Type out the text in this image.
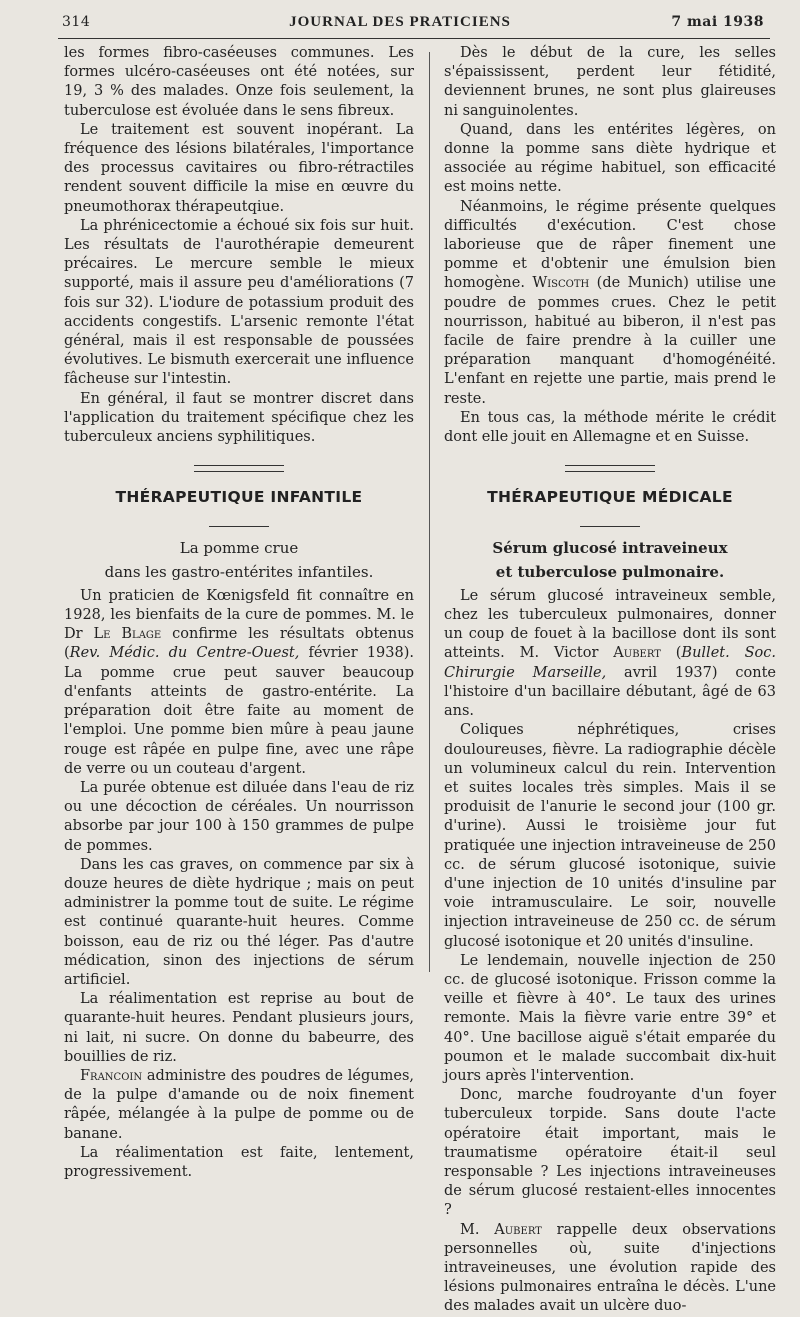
314	JOURNAL DES PRATICIENS	7 mai 1938

les formes fibro-caséeuses communes. Les formes ulcéro-caséeuses ont été notées, sur 19, 3 % des malades. Onze fois seulement, la tuberculose est évoluée dans le sens fibreux.

Le traitement est souvent inopérant. La fréquence des lésions bilatérales, l'importance des processus cavitaires ou fibro-rétractiles rendent souvent difficile la mise en œuvre du pneumothorax thérapeutqiue.

La phrénicectomie a échoué six fois sur huit. Les résultats de l'aurothérapie demeurent précaires. Le mercure semble le mieux supporté, mais il assure peu d'améliorations (7 fois sur 32). L'iodure de potassium produit des accidents congestifs. L'arsenic remonte l'état général, mais il est responsable de poussées évolutives. Le bismuth exercerait une influence fâcheuse sur l'intestin.

En général, il faut se montrer discret dans l'application du traitement spécifique chez les tuberculeux anciens syphilitiques.

THÉRAPEUTIQUE INFANTILE
La pomme crue
dans les gastro-entérites infantiles.

Un praticien de Kœnigsfeld fit connaître en 1928, les bienfaits de la cure de pommes. M. le Dr Le Blage confirme les résultats obtenus (Rev. Médic. du Centre-Ouest, février 1938). La pomme crue peut sauver beaucoup d'enfants atteints de gastro-entérite. La préparation doit être faite au moment de l'emploi. Une pomme bien mûre à peau jaune rouge est râpée en pulpe fine, avec une râpe de verre ou un couteau d'argent.

La purée obtenue est diluée dans l'eau de riz ou une décoction de céréales. Un nourrisson absorbe par jour 100 à 150 grammes de pulpe de pommes.

Dans les cas graves, on commence par six à douze heures de diète hydrique ; mais on peut administrer la pomme tout de suite. Le régime est continué quarante-huit heures. Comme boisson, eau de riz ou thé léger. Pas d'autre médication, sinon des injections de sérum artificiel.

La réalimentation est reprise au bout de quarante-huit heures. Pendant plusieurs jours, ni lait, ni sucre. On donne du babeurre, des bouillies de riz.

Francoin administre des poudres de légumes, de la pulpe d'amande ou de noix finement râpée, mélangée à la pulpe de pomme ou de banane.

La réalimentation est faite, lentement, progressivement.

Dès le début de la cure, les selles s'épaississent, perdent leur fétidité, deviennent brunes, ne sont plus glaireuses ni sanguinolentes.

Quand, dans les entérites légères, on donne la pomme sans diète hydrique et associée au régime habituel, son efficacité est moins nette.

Néanmoins, le régime présente quelques difficultés d'exécution. C'est chose laborieuse que de râper finement une pomme et d'obtenir une émulsion bien homogène. Wiscoth (de Munich) utilise une poudre de pommes crues. Chez le petit nourrisson, habitué au biberon, il n'est pas facile de faire prendre à la cuiller une préparation manquant d'homogénéité. L'enfant en rejette une partie, mais prend le reste.

En tous cas, la méthode mérite le crédit dont elle jouit en Allemagne et en Suisse.

THÉRAPEUTIQUE MÉDICALE
Sérum glucosé intraveineux
et tuberculose pulmonaire.

Le sérum glucosé intraveineux semble, chez les tuberculeux pulmonaires, donner un coup de fouet à la bacillose dont ils sont atteints. M. Victor Aubert (Bullet. Soc. Chirurgie Marseille, avril 1937) conte l'histoire d'un bacillaire débutant, âgé de 63 ans.

Coliques néphrétiques, crises douloureuses, fièvre. La radiographie décèle un volumineux calcul du rein. Intervention et suites locales très simples. Mais il se produisit de l'anurie le second jour (100 gr. d'urine). Aussi le troisième jour fut pratiquée une injection intraveineuse de 250 cc. de sérum glucosé isotonique, suivie d'une injection de 10 unités d'insuline par voie intramusculaire. Le soir, nouvelle injection intraveineuse de 250 cc. de sérum glucosé isotonique et 20 unités d'insuline.

Le lendemain, nouvelle injection de 250 cc. de glucosé isotonique. Frisson comme la veille et fièvre à 40°. Le taux des urines remonte. Mais la fièvre varie entre 39° et 40°. Une bacillose aiguë s'était emparée du poumon et le malade succombait dix-huit jours après l'intervention.

Donc, marche foudroyante d'un foyer tuberculeux torpide. Sans doute l'acte opératoire était important, mais le traumatisme opératoire était-il seul responsable ? Les injections intraveineuses de sérum glucosé restaient-elles innocentes ?

M. Aubert rappelle deux observations personnelles où, suite d'injections intraveineuses, une évolution rapide des lésions pulmonaires entraîna le décès. L'une des malades avait un ulcère duo-
